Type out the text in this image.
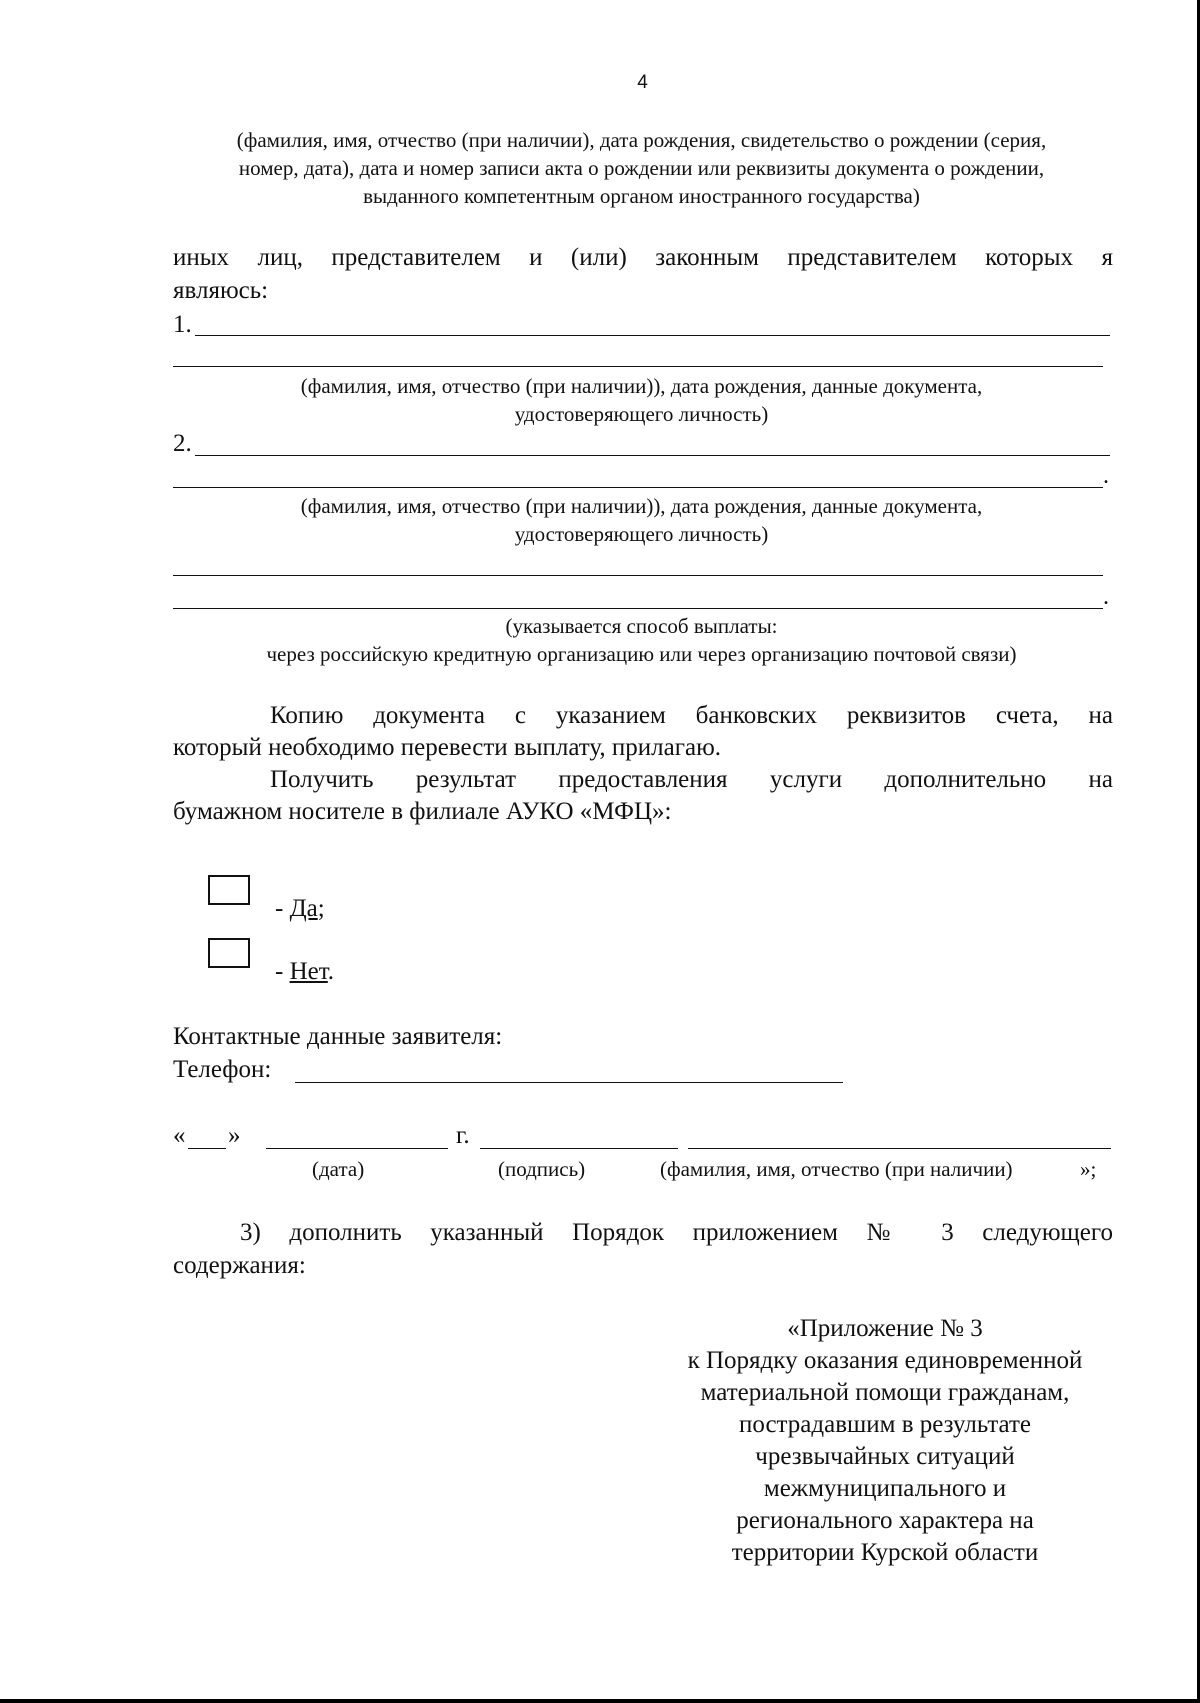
4
(фамилия, имя, отчество (при наличии), дата рождения, свидетельство о рождении (серия,
номер, дата), дата и номер записи акта о рождении или реквизиты документа о рождении,
выданного компетентным органом иностранного государства)
иных лиц, представителем и (или) законным представителем которых я
являюсь:
1.
(фамилия, имя, отчество (при наличии)), дата рождения, данные документа,
удостоверяющего личность)
2.
.
(фамилия, имя, отчество (при наличии)), дата рождения, данные документа,
удостоверяющего личность)
.
(указывается способ выплаты:
через российскую кредитную организацию или через организацию почтовой связи)
Копию документа с указанием банковских реквизитов счета, на
который необходимо перевести выплату, прилагаю.
Получить результат предоставления услуги дополнительно на
бумажном носителе в филиале АУКО «МФЦ»:
- Да;
- Нет.
Контактные данные заявителя:
Телефон:
« »	г.
(дата)	(подпись)	(фамилия, имя, отчество (при наличии)	»;
3) дополнить указанный Порядок приложением № 3 следующего
содержания:
«Приложение № 3
к Порядку оказания единовременной
материальной помощи гражданам,
пострадавшим в результате
чрезвычайных ситуаций
межмуниципального и
регионального характера на
территории Курской области
